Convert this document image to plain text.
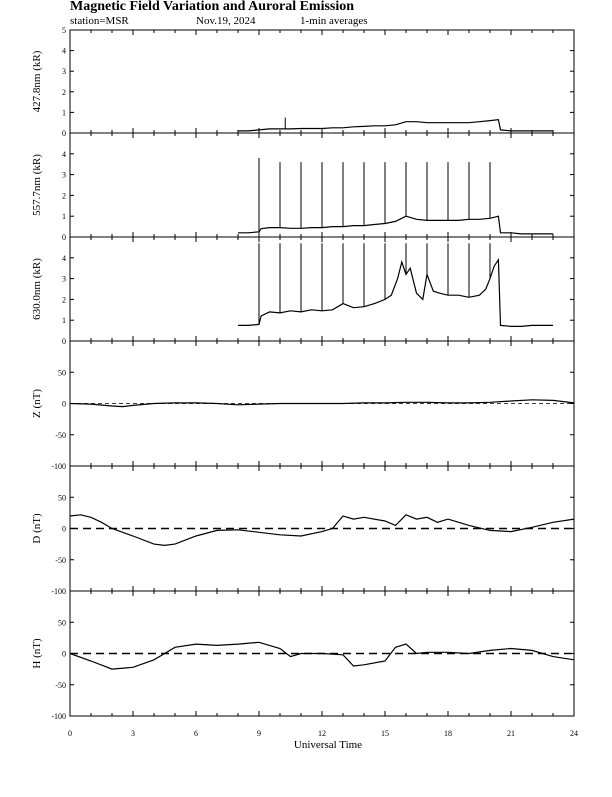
Magnetic Field Variation and Auroral Emission
station=MSR	Nov.19, 2024	1-min averages
0
1
2
3
4
5
427.8nm (kR)
0
1
2
3
4
557.7nm (kR)
0
1
2
3
4
630.0nm (kR)
-100
-50
0
50
Z (nT)
-100
-50
0
50
D (nT)
-100
-50
0
50
H (nT)
0	3	6	9	12	15	18	21	24
Universal Time
